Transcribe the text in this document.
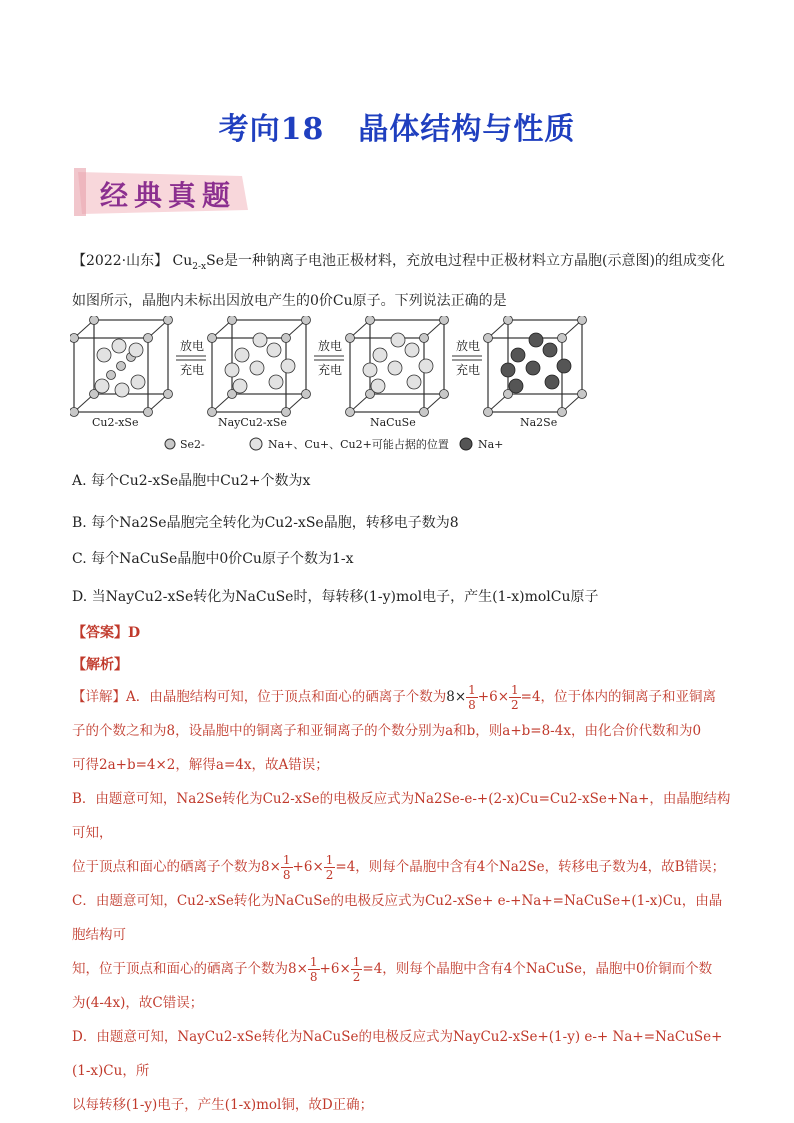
考向18 晶体结构与性质
经典真题
【2022·山东】 $Cu_{2-x}Se$是一种钠离子电池正极材料，充放电过程中正极材料立方晶胞(示意图)的组成变化
如图所示，晶胞内未标出因放电产生的0价Cu原子。下列说法正确的是
放电
充电
放电
充电
放电
充电
Cu2-xSe	NayCu2-xSe	NaCuSe	Na2Se
Se2-	Na+、Cu+、Cu2+可能占据的位置	Na+
A. 每个Cu2-xSe晶胞中Cu2+个数为x
B. 每个Na2Se晶胞完全转化为Cu2-xSe晶胞，转移电子数为8
C. 每个NaCuSe晶胞中0价Cu原子个数为1-x
D. 当NayCu2-xSe转化为NaCuSe时，每转移(1-y)mol电子，产生(1-x)molCu原子
【答案】D
【解析】
【详解】A．由晶胞结构可知，位于顶点和面心的硒离子个数为$8\times \frac{1}{8} +6\times \frac{1}{2} =4$，位于体内的铜离子和亚铜离
子的个数之和为8，设晶胞中的铜离子和亚铜离子的个数分别为a和b，则a+b=8-4x，由化合价代数和为0
可得2a+b=4×2，解得a=4x，故A错误；
B．由题意可知，Na2Se转化为Cu2-xSe的电极反应式为Na2Se-e-+(2-x)Cu=Cu2-xSe+Na+，由晶胞结构可知，
位于顶点和面心的硒离子个数为$8\times \frac{1}{8} +6\times \frac{1}{2} =4$，则每个晶胞中含有4个Na2Se，转移电子数为4，故B错误；
C．由题意可知，Cu2-xSe转化为NaCuSe的电极反应式为Cu2-xSe+ e-+Na+=NaCuSe+(1-x)Cu，由晶胞结构可
知，位于顶点和面心的硒离子个数为$8\times \frac{1}{8} +6\times \frac{1}{2} =4$，则每个晶胞中含有4个NaCuSe，晶胞中0价铜而个数
为(4-4x)，故C错误；
D．由题意可知，NayCu2-xSe转化为NaCuSe的电极反应式为NayCu2-xSe+(1-y) e-+ Na+=NaCuSe+(1-x)Cu，所
以每转移(1-y)电子，产生(1-x)mol铜，故D正确；
